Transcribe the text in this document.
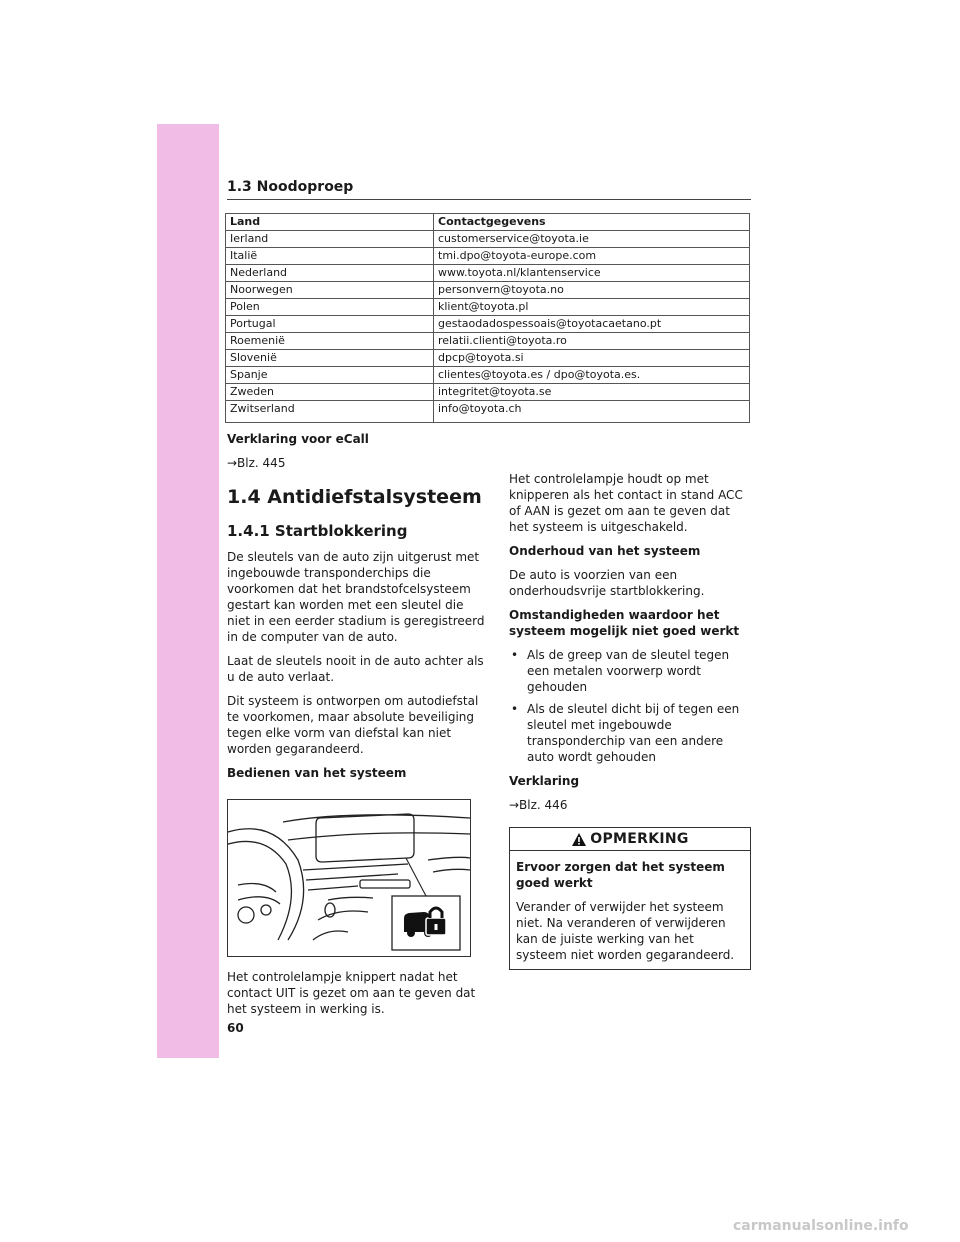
1.3 Noodoproep
Land	Contactgegevens
Ierland	customerservice@toyota.ie
Italië	tmi.dpo@toyota-europe.com
Nederland	www.toyota.nl/klantenservice
Noorwegen	personvern@toyota.no
Polen	klient@toyota.pl
Portugal	gestaodadospessoais@toyotacaetano.pt
Roemenië	relatii.clienti@toyota.ro
Slovenië	dpcp@toyota.si
Spanje	clientes@toyota.es / dpo@toyota.es.
Zweden	integritet@toyota.se
Zwitserland	info@toyota.ch

Verklaring voor eCall

→Blz. 445

1.4 Antidiefstalsysteem
1.4.1 Startblokkering

De sleutels van de auto zijn uitgerust met ingebouwde transponderchips die voorkomen dat het brandstofcelsysteem gestart kan worden met een sleutel die niet in een eerder stadium is geregistreerd in de computer van de auto.

Laat de sleutels nooit in de auto achter als u de auto verlaat.

Dit systeem is ontworpen om autodiefstal te voorkomen, maar absolute beveiliging tegen elke vorm van diefstal kan niet worden gegarandeerd.

Bedienen van het systeem

Het controlelampje knippert nadat het contact UIT is gezet om aan te geven dat het systeem in werking is.

Het controlelampje houdt op met knipperen als het contact in stand ACC of AAN is gezet om aan te geven dat het systeem is uitgeschakeld.

Onderhoud van het systeem

De auto is voorzien van een onderhoudsvrije startblokkering.

Omstandigheden waardoor het systeem mogelijk niet goed werkt

• Als de greep van de sleutel tegen een metalen voorwerp wordt gehouden
• Als de sleutel dicht bij of tegen een sleutel met ingebouwde transponderchip van een andere auto wordt gehouden

Verklaring

→Blz. 446

OPMERKING

Ervoor zorgen dat het systeem goed werkt

Verander of verwijder het systeem niet. Na veranderen of verwijderen kan de juiste werking van het systeem niet worden gegarandeerd.

60
carmanualsonline.info
